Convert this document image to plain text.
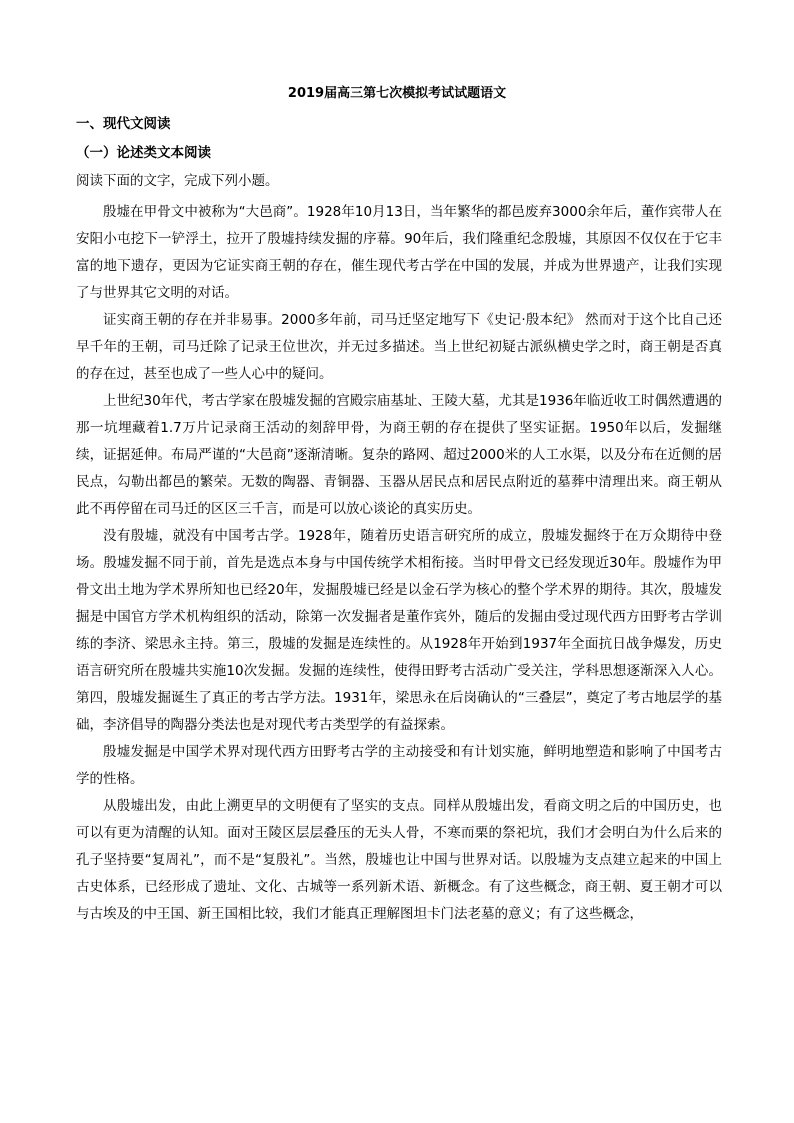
2019届高三第七次模拟考试试题语文
一、现代文阅读
（一）论述类文本阅读
阅读下面的文字，完成下列小题。

殷墟在甲骨文中被称为“大邑商”。1928年10月13日，当年繁华的都邑废弃3000余年后，董作宾带人在安阳小屯挖下一铲浮土，拉开了殷墟持续发掘的序幕。90年后，我们隆重纪念殷墟，其原因不仅仅在于它丰富的地下遗存，更因为它证实商王朝的存在，催生现代考古学在中国的发展，并成为世界遗产，让我们实现了与世界其它文明的对话。

证实商王朝的存在并非易事。2000多年前，司马迁坚定地写下《史记·殷本纪》 然而对于这个比自己还早千年的王朝，司马迁除了记录王位世次，并无过多描述。当上世纪初疑古派纵横史学之时，商王朝是否真的存在过，甚至也成了一些人心中的疑问。

上世纪30年代，考古学家在殷墟发掘的宫殿宗庙基址、王陵大墓，尤其是1936年临近收工时偶然遭遇的那一坑埋藏着1.7万片记录商王活动的刻辞甲骨，为商王朝的存在提供了坚实证据。1950年以后，发掘继续，证据延伸。布局严谨的“大邑商”逐渐清晰。复杂的路网、超过2000米的人工水渠，以及分布在近侧的居民点，勾勒出都邑的繁荣。无数的陶器、青铜器、玉器从居民点和居民点附近的墓葬中清理出来。商王朝从此不再停留在司马迁的区区三千言，而是可以放心谈论的真实历史。

没有殷墟，就没有中国考古学。1928年，随着历史语言研究所的成立，殷墟发掘终于在万众期待中登场。殷墟发掘不同于前，首先是选点本身与中国传统学术相衔接。当时甲骨文已经发现近30年。殷墟作为甲骨文出土地为学术界所知也已经20年，发掘殷墟已经是以金石学为核心的整个学术界的期待。其次，殷墟发掘是中国官方学术机构组织的活动，除第一次发掘者是董作宾外，随后的发掘由受过现代西方田野考古学训练的李济、梁思永主持。第三，殷墟的发掘是连续性的。从1928年开始到1937年全面抗日战争爆发，历史语言研究所在殷墟共实施10次发掘。发掘的连续性，使得田野考古活动广受关注，学科思想逐渐深入人心。第四，殷墟发掘诞生了真正的考古学方法。1931年，梁思永在后岗确认的“三叠层”，奠定了考古地层学的基础，李济倡导的陶器分类法也是对现代考古类型学的有益探索。

殷墟发掘是中国学术界对现代西方田野考古学的主动接受和有计划实施，鲜明地塑造和影响了中国考古学的性格。

从殷墟出发，由此上溯更早的文明便有了坚实的支点。同样从殷墟出发，看商文明之后的中国历史，也可以有更为清醒的认知。面对王陵区层层叠压的无头人骨，不寒而栗的祭祀坑，我们才会明白为什么后来的孔子坚持要“复周礼”，而不是“复殷礼”。当然，殷墟也让中国与世界对话。以殷墟为支点建立起来的中国上古史体系，已经形成了遗址、文化、古城等一系列新术语、新概念。有了这些概念，商王朝、夏王朝才可以与古埃及的中王国、新王国相比较，我们才能真正理解图坦卡门法老墓的意义；有了这些概念，
